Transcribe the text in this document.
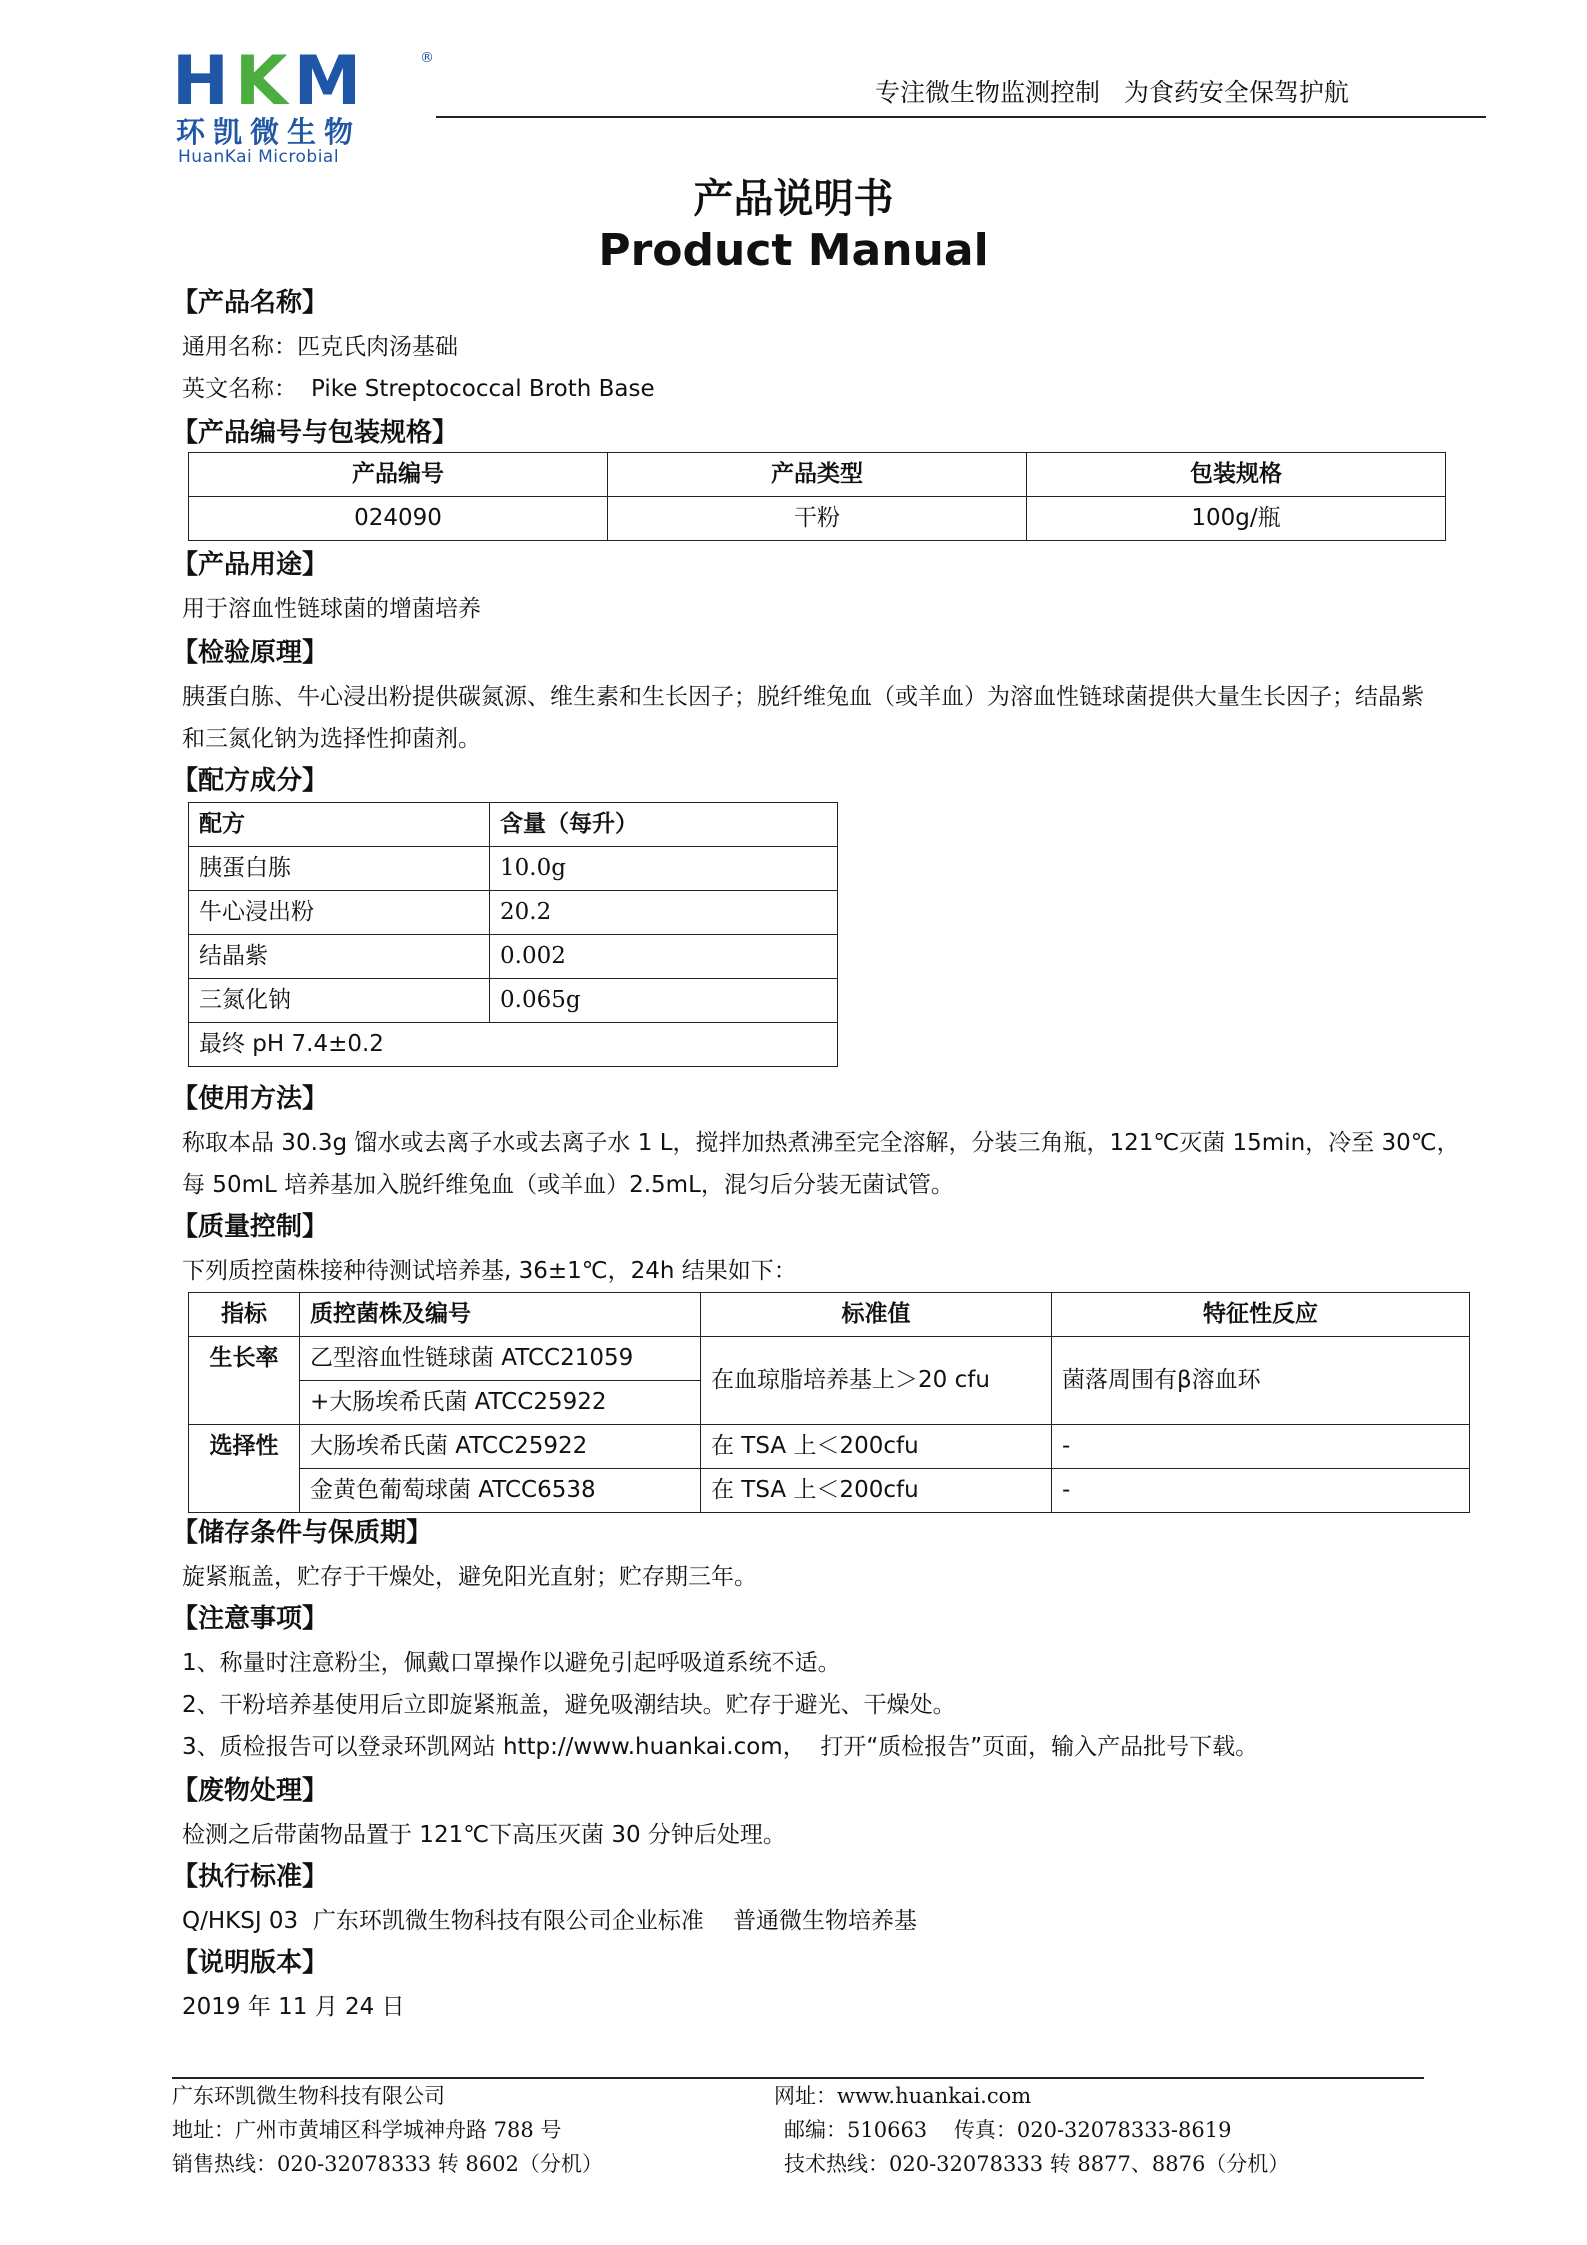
HKM	®
环凯微生物
HuanKai Microbial
专注微生物监测控制   为食药安全保驾护航
产品说明书
Product Manual
【产品名称】
通用名称：匹克氏肉汤基础
英文名称： Pike Streptococcal Broth Base
【产品编号与包装规格】
产品编号	产品类型	包装规格
024090	干粉	100g/瓶
【产品用途】
用于溶血性链球菌的增菌培养
【检验原理】
胰蛋白胨、牛心浸出粉提供碳氮源、维生素和生长因子；脱纤维兔血（或羊血）为溶血性链球菌提供大量生长因子；结晶紫
和三氮化钠为选择性抑菌剂。
【配方成分】
配方	含量（每升）
胰蛋白胨	10.0g
牛心浸出粉	20.2
结晶紫	0.002
三氮化钠	0.065g
最终 pH 7.4±0.2	
【使用方法】
称取本品 30.3g 馏水或去离子水或去离子水 1 L，搅拌加热煮沸至完全溶解，分装三角瓶，121℃灭菌 15min，冷至 30℃，
每 50mL 培养基加入脱纤维兔血（或羊血）2.5mL，混匀后分装无菌试管。
【质量控制】
下列质控菌株接种待测试培养基, 36±1℃，24h 结果如下：
指标	质控菌株及编号	标准值	特征性反应
生长率	乙型溶血性链球菌 ATCC21059	在血琼脂培养基上＞20 cfu	菌落周围有β溶血环
	+大肠埃希氏菌 ATCC25922		
选择性	大肠埃希氏菌 ATCC25922	在 TSA 上＜200cfu	-
	金黄色葡萄球菌 ATCC6538	在 TSA 上＜200cfu	-
【储存条件与保质期】
旋紧瓶盖，贮存于干燥处，避免阳光直射；贮存期三年。
【注意事项】
1、称量时注意粉尘，佩戴口罩操作以避免引起呼吸道系统不适。
2、干粉培养基使用后立即旋紧瓶盖，避免吸潮结块。贮存于避光、干燥处。
3、质检报告可以登录环凯网站 http://www.huankai.com，  打开“质检报告”页面，输入产品批号下载。
【废物处理】
检测之后带菌物品置于 121℃下高压灭菌 30 分钟后处理。
【执行标准】
Q/HKSJ 03  广东环凯微生物科技有限公司企业标准    普通微生物培养基
【说明版本】
2019 年 11 月 24 日
广东环凯微生物科技有限公司	网址：www.huankai.com
地址：广州市黄埔区科学城神舟路 788 号	邮编：510663    传真：020-32078333-8619
销售热线：020-32078333 转 8602（分机）	技术热线：020-32078333 转 8877、8876（分机）
